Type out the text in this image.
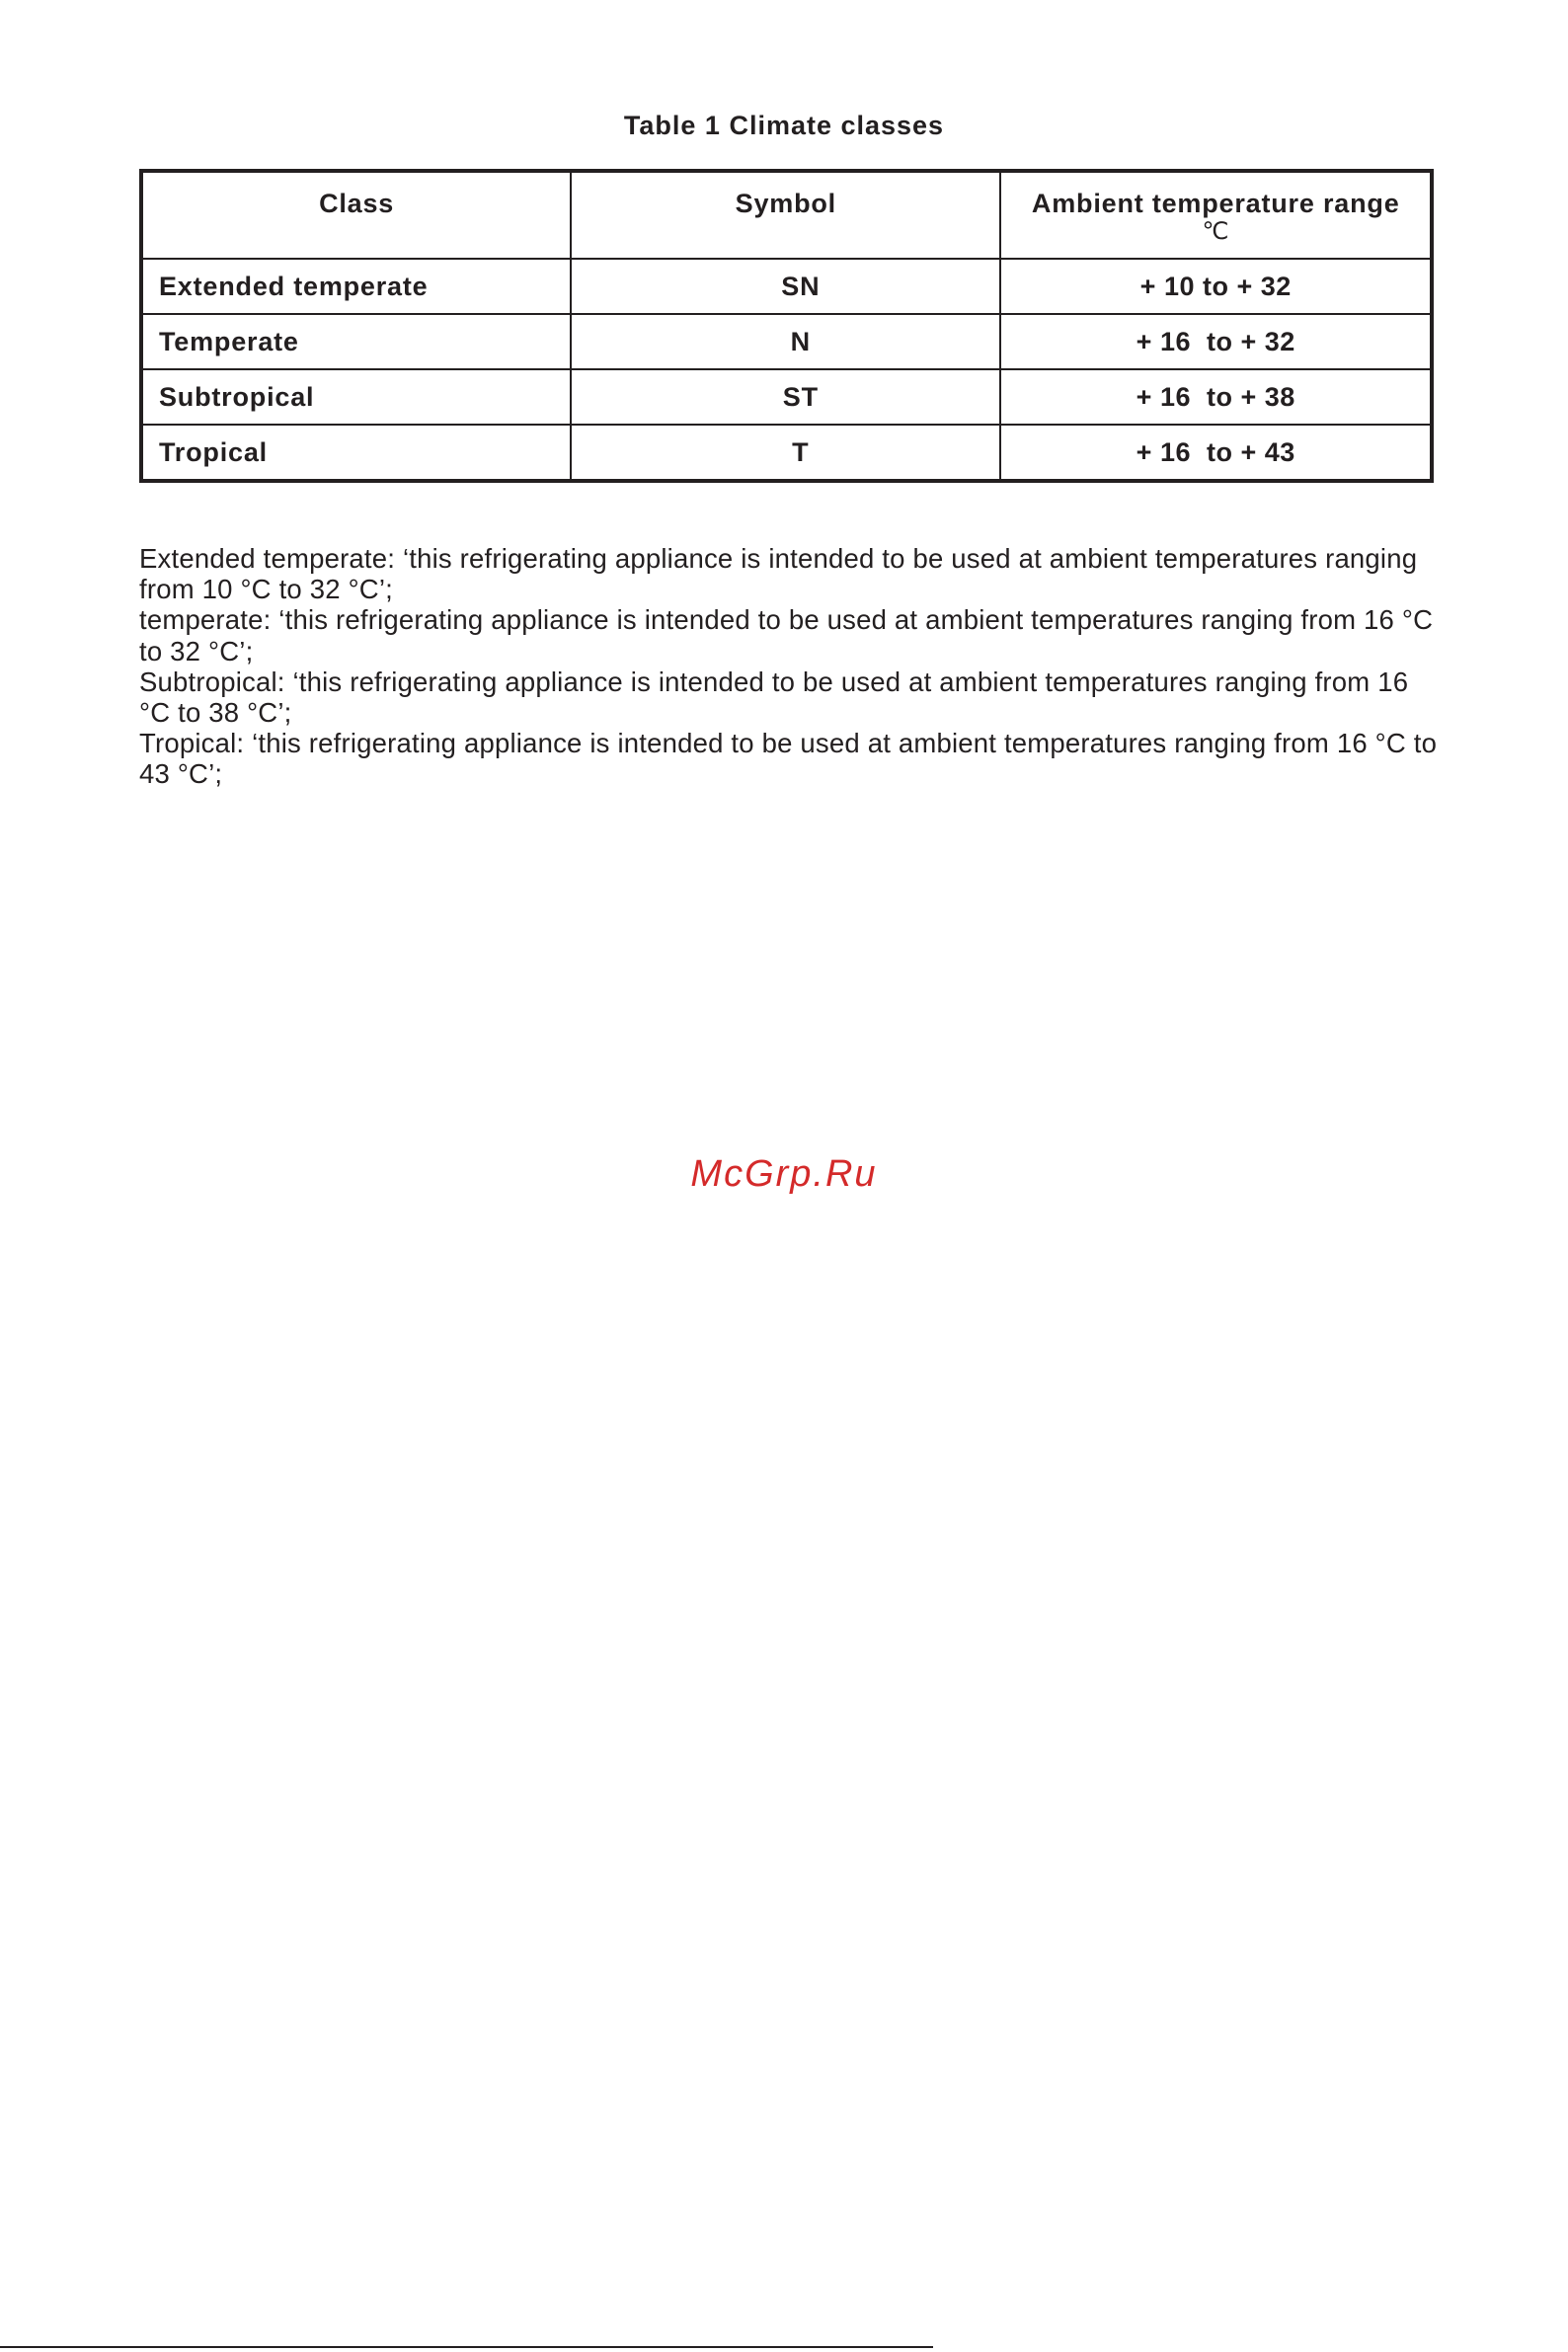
Table 1 Climate classes
Class	Symbol	Ambient temperature range
℃

Extended temperate	SN	+ 10 to + 32
Temperate	N	+ 16  to + 32
Subtropical	ST	+ 16  to + 38
Tropical	T	+ 16  to + 43

Extended temperate: ‘this refrigerating appliance is intended to be used at ambient temperatures ranging from 10 °C to 32 °C’;

temperate: ‘this refrigerating appliance is intended to be used at ambient temperatures ranging from 16 °C to 32 °C’;

Subtropical: ‘this refrigerating appliance is intended to be used at ambient temperatures ranging from 16 °C to 38 °C’;

Tropical: ‘this refrigerating appliance is intended to be used at ambient temperatures ranging from 16 °C to 43 °C’;

McGrp.Ru
